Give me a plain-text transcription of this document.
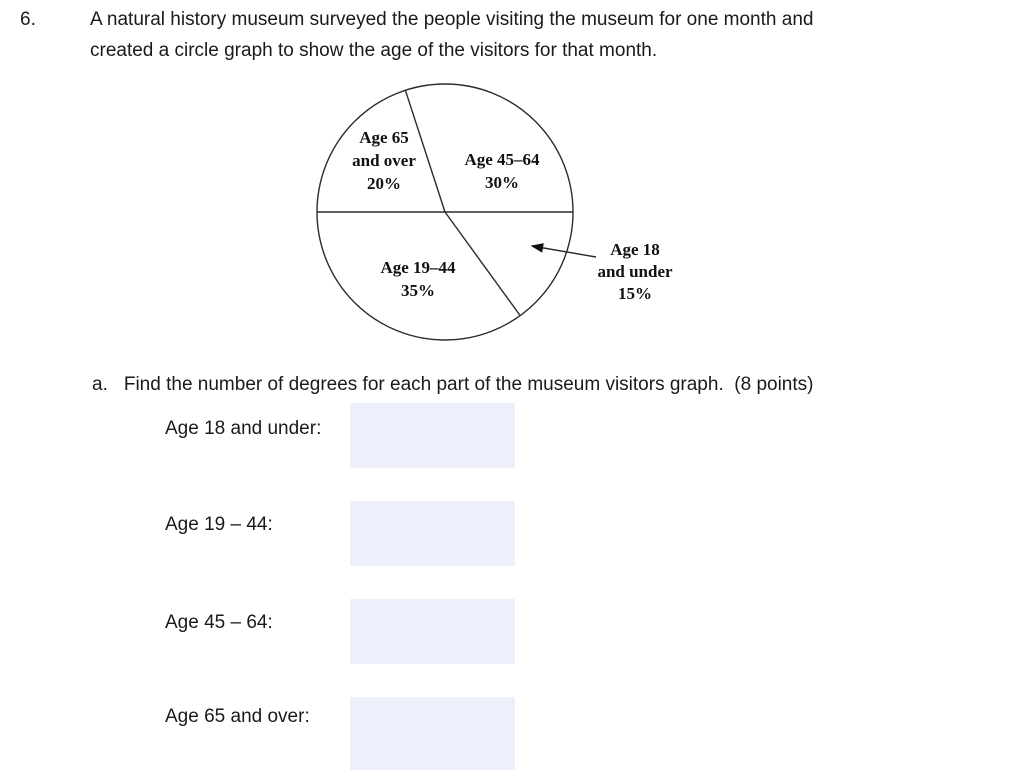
6.	A natural history museum surveyed the people visiting the museum for one month and
created a circle graph to show the age of the visitors for that month.
Age 45–64
30%
Age 65
and over
20%
Age 19–44
35%
Age 18
and under
15%
a. Find the number of degrees for each part of the museum visitors graph.  (8 points)
Age 18 and under:
Age 19 – 44:
Age 45 – 64:
Age 65 and over:
